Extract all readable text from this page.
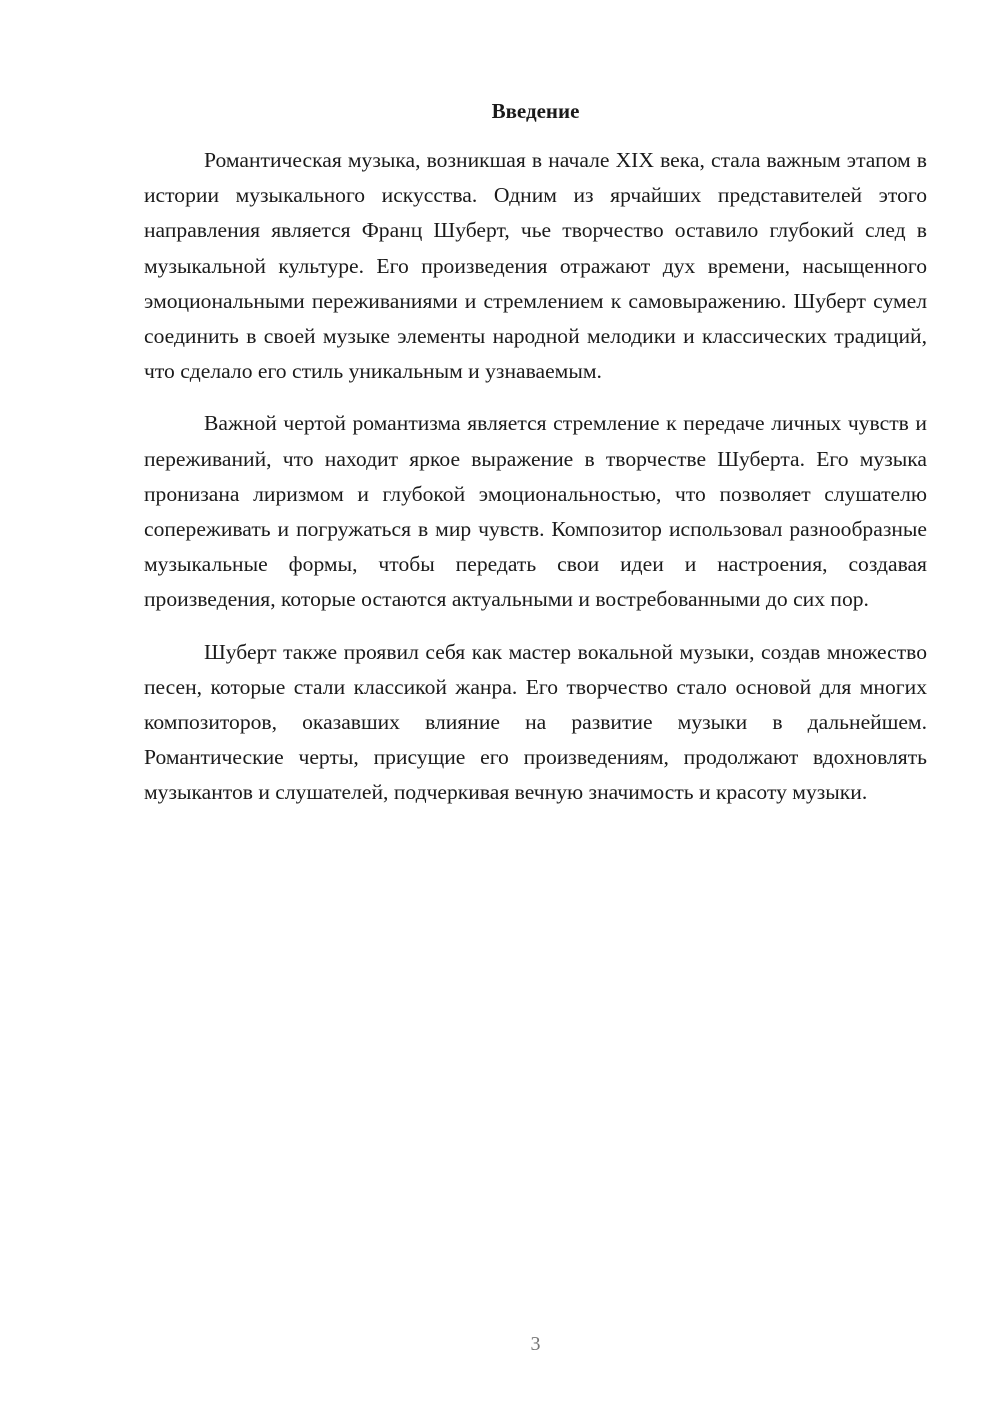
Введение

Романтическая музыка, возникшая в начале XIX века, стала важным этапом в истории музыкального искусства. Одним из ярчайших представителей этого направления является Франц Шуберт, чье творчество оставило глубокий след в музыкальной культуре. Его произведения отражают дух времени, насыщенного эмоциональными переживаниями и стремлением к самовыражению. Шуберт сумел соединить в своей музыке элементы народной мелодики и классических традиций, что сделало его стиль уникальным и узнаваемым.

Важной чертой романтизма является стремление к передаче личных чувств и переживаний, что находит яркое выражение в творчестве Шуберта. Его музыка пронизана лиризмом и глубокой эмоциональностью, что позволяет слушателю сопереживать и погружаться в мир чувств. Композитор использовал разнообразные музыкальные формы, чтобы передать свои идеи и настроения, создавая произведения, которые остаются актуальными и востребованными до сих пор.

Шуберт также проявил себя как мастер вокальной музыки, создав множество песен, которые стали классикой жанра. Его творчество стало основой для многих композиторов, оказавших влияние на развитие музыки в дальнейшем. Романтические черты, присущие его произведениям, продолжают вдохновлять музыкантов и слушателей, подчеркивая вечную значимость и красоту музыки.

3
